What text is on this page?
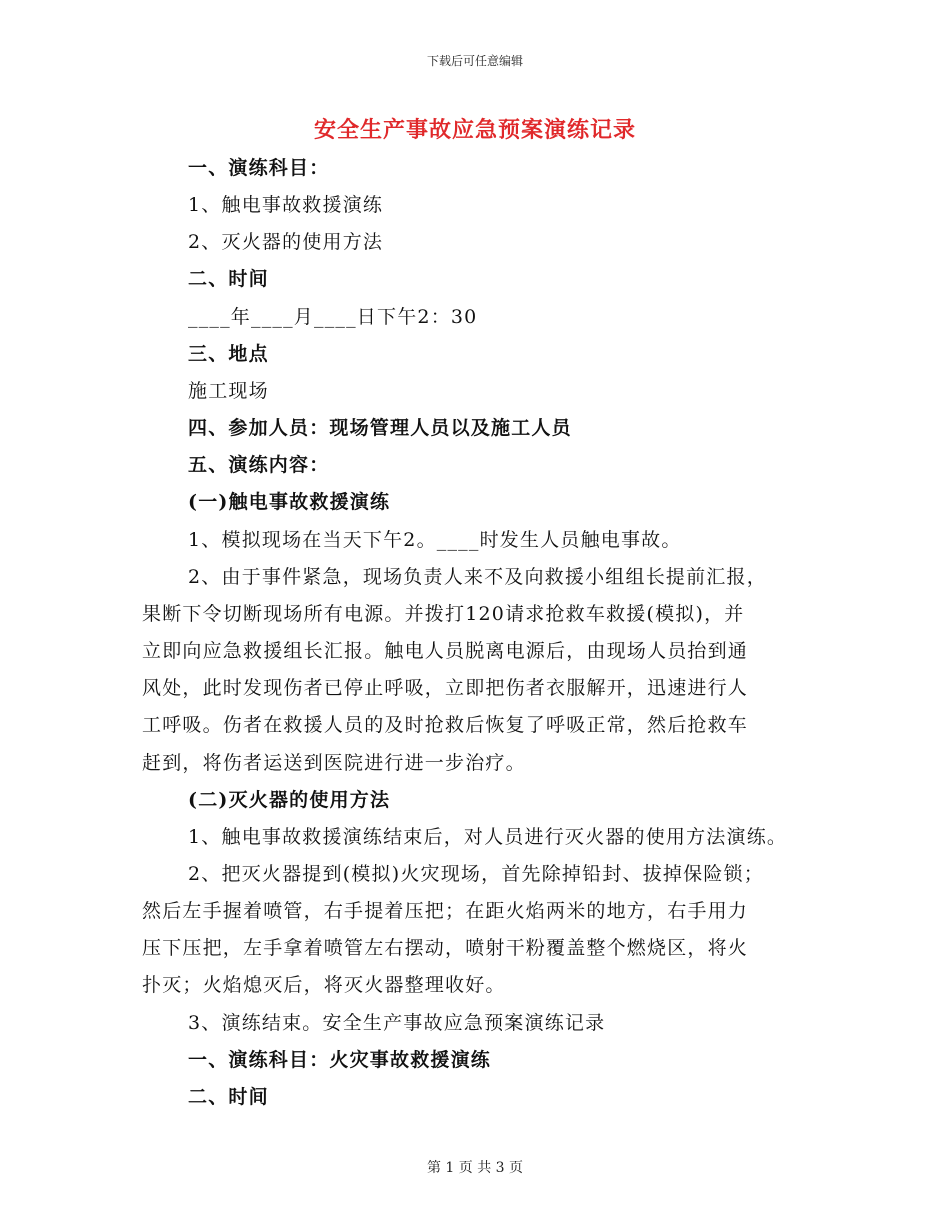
下载后可任意编辑
安全生产事故应急预案演练记录
一、演练科目：
1、触电事故救援演练
2、灭火器的使用方法
二、时间
____年____月____日下午2：30
三、地点
施工现场
四、参加人员：现场管理人员以及施工人员
五、演练内容：
(一)触电事故救援演练
1、模拟现场在当天下午2。____时发生人员触电事故。
2、由于事件紧急，现场负责人来不及向救援小组组长提前汇报，
果断下令切断现场所有电源。并拨打120请求抢救车救援(模拟)，并
立即向应急救援组长汇报。触电人员脱离电源后，由现场人员抬到通
风处，此时发现伤者已停止呼吸，立即把伤者衣服解开，迅速进行人
工呼吸。伤者在救援人员的及时抢救后恢复了呼吸正常，然后抢救车
赶到，将伤者运送到医院进行进一步治疗。
(二)灭火器的使用方法
1、触电事故救援演练结束后，对人员进行灭火器的使用方法演练。
2、把灭火器提到(模拟)火灾现场，首先除掉铅封、拔掉保险锁；
然后左手握着喷管，右手提着压把；在距火焰两米的地方，右手用力
压下压把，左手拿着喷管左右摆动，喷射干粉覆盖整个燃烧区，将火
扑灭；火焰熄灭后，将灭火器整理收好。
3、演练结束。安全生产事故应急预案演练记录
一、演练科目：火灾事故救援演练
二、时间
第 1 页 共 3 页
